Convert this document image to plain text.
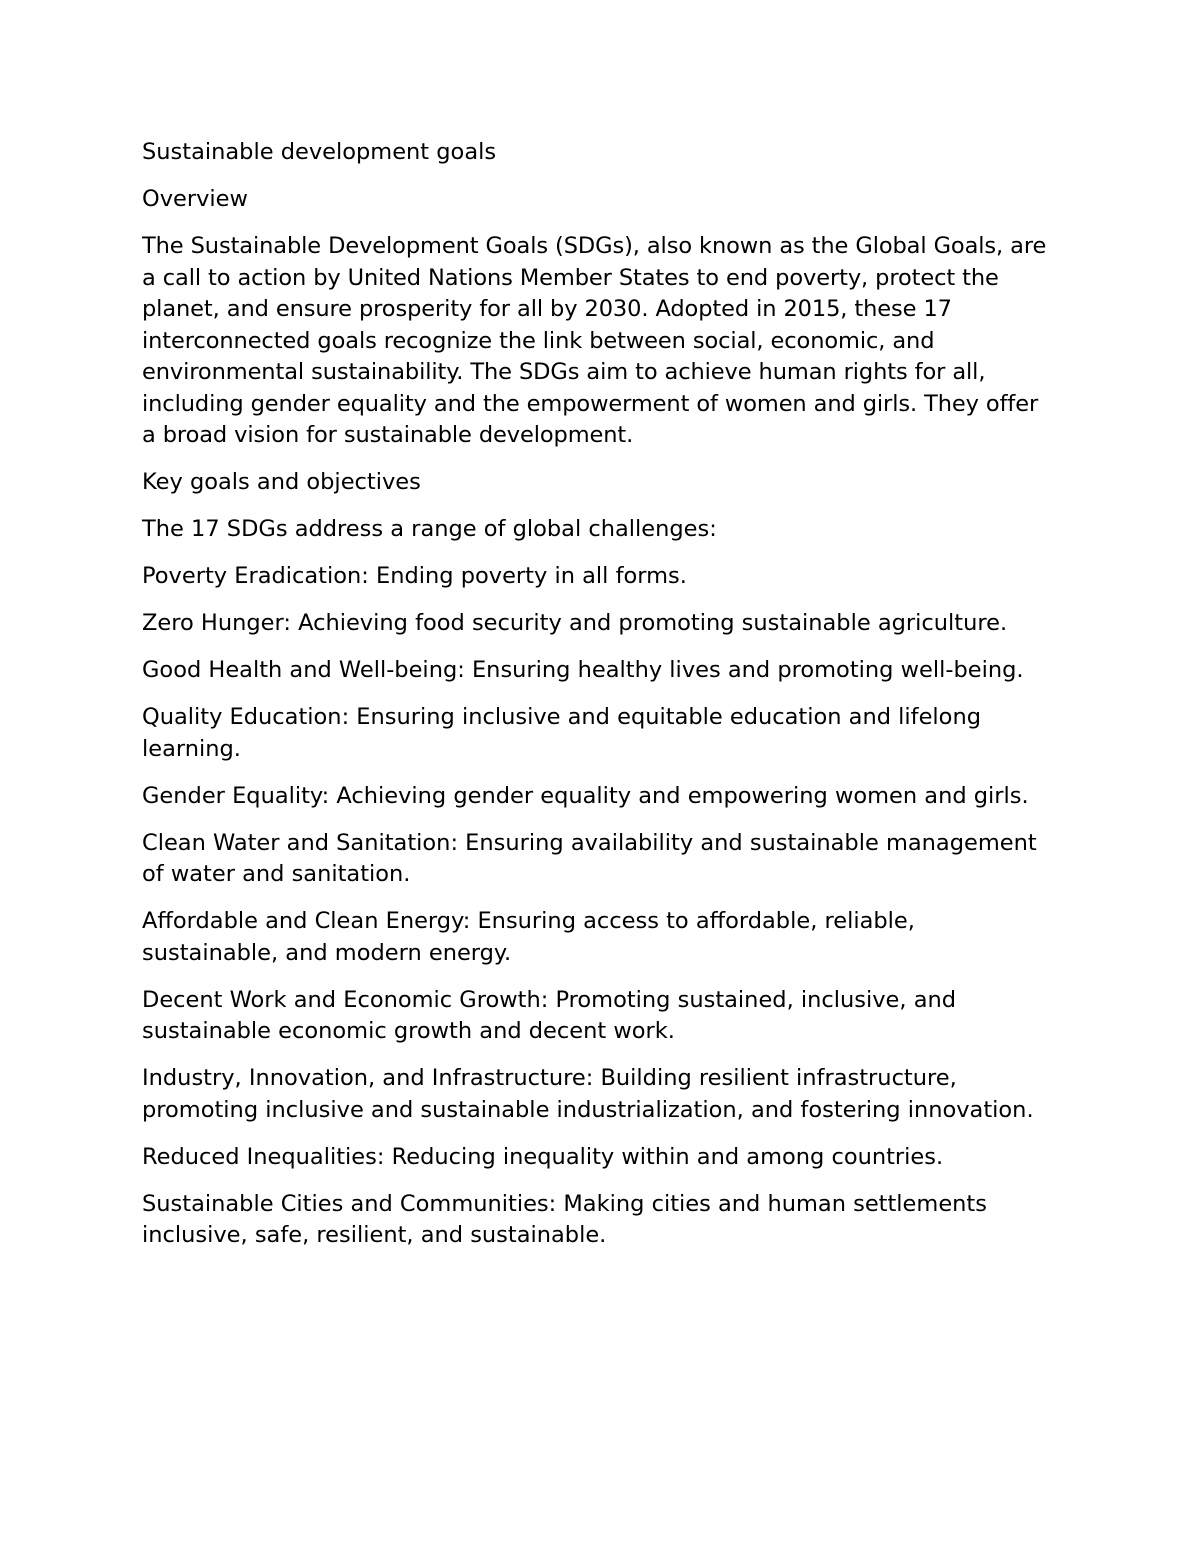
Sustainable development goals

Overview

The Sustainable Development Goals (SDGs), also known as the Global Goals, are a call to action by United Nations Member States to end poverty, protect the planet, and ensure prosperity for all by 2030. Adopted in 2015, these 17 interconnected goals recognize the link between social, economic, and environmental sustainability. The SDGs aim to achieve human rights for all, including gender equality and the empowerment of women and girls. They offer a broad vision for sustainable development.

Key goals and objectives

The 17 SDGs address a range of global challenges:

Poverty Eradication: Ending poverty in all forms.

Zero Hunger: Achieving food security and promoting sustainable agriculture.

Good Health and Well-being: Ensuring healthy lives and promoting well-being.

Quality Education: Ensuring inclusive and equitable education and lifelong learning.

Gender Equality: Achieving gender equality and empowering women and girls.

Clean Water and Sanitation: Ensuring availability and sustainable management of water and sanitation.

Affordable and Clean Energy: Ensuring access to affordable, reliable, sustainable, and modern energy.

Decent Work and Economic Growth: Promoting sustained, inclusive, and sustainable economic growth and decent work.

Industry, Innovation, and Infrastructure: Building resilient infrastructure, promoting inclusive and sustainable industrialization, and fostering innovation.

Reduced Inequalities: Reducing inequality within and among countries.

Sustainable Cities and Communities: Making cities and human settlements inclusive, safe, resilient, and sustainable.
